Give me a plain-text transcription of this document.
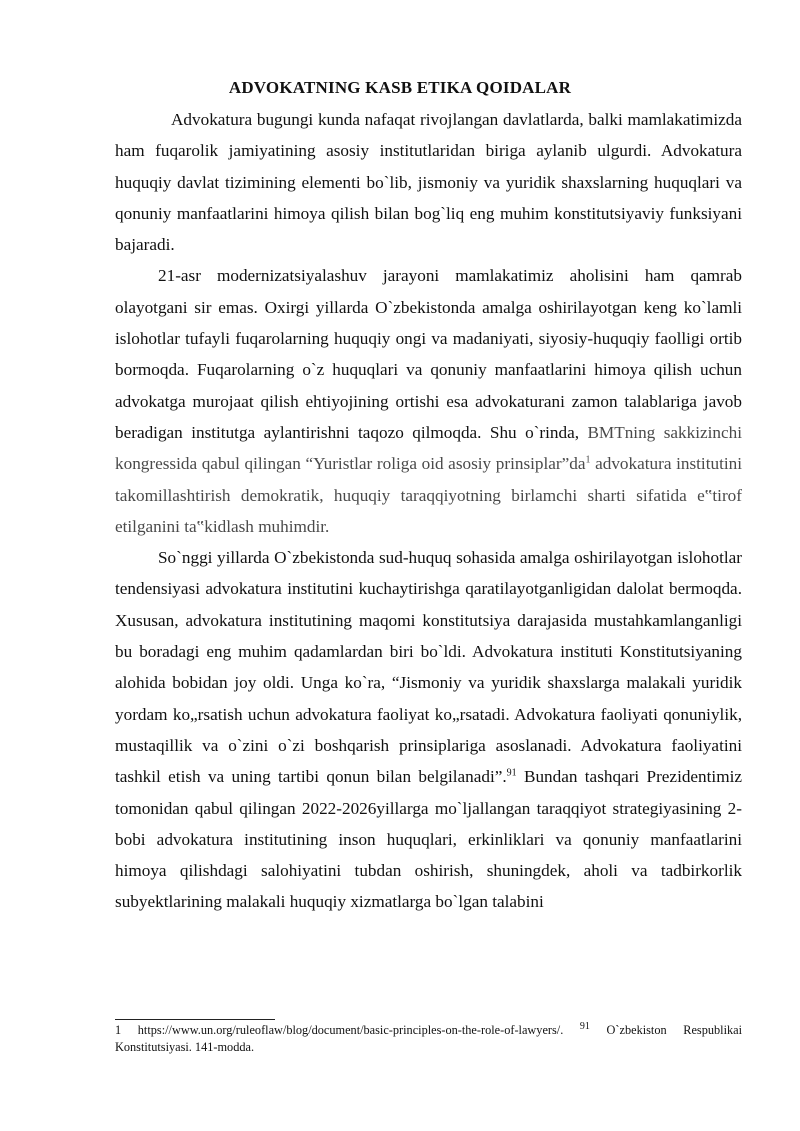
ADVOKATNING KASB ETIKA QOIDALAR

Advokatura bugungi kunda nafaqat rivojlangan davlatlarda, balki mamlakatimizda ham fuqarolik jamiyatining asosiy institutlaridan biriga aylanib ulgurdi. Advokatura huquqiy davlat tizimining elementi bo`lib, jismoniy va yuridik shaxslarning huquqlari va qonuniy manfaatlarini himoya qilish bilan bog`liq eng muhim konstitutsiyaviy funksiyani bajaradi.

21-asr modernizatsiyalashuv jarayoni mamlakatimiz aholisini ham qamrab olayotgani sir emas. Oxirgi yillarda O`zbekistonda amalga oshirilayotgan keng ko`lamli islohotlar tufayli fuqarolarning huquqiy ongi va madaniyati, siyosiy-huquqiy faolligi ortib bormoqda. Fuqarolarning o`z huquqlari va qonuniy manfaatlarini himoya qilish uchun advokatga murojaat qilish ehtiyojining ortishi esa advokaturani zamon talablariga javob beradigan institutga aylantirishni taqozo qilmoqda. Shu o`rinda, BMTning sakkizinchi kongressida qabul qilingan “Yuristlar roliga oid asosiy $prinsiplar”da^1$ advokatura institutini takomillashtirish demokratik, huquqiy taraqqiyotning birlamchi sharti sifatida e‟tirof etilganini ta‟kidlash muhimdir.

So`nggi yillarda O`zbekistonda sud-huquq sohasida amalga oshirilayotgan islohotlar tendensiyasi advokatura institutini kuchaytirishga qaratilayotganligidan dalolat bermoqda. Xususan, advokatura institutining maqomi konstitutsiya darajasida mustahkamlanganligi bu boradagi eng muhim qadamlardan biri bo`ldi. Advokatura instituti Konstitutsiyaning alohida bobidan joy oldi. Unga ko`ra, “Jismoniy va yuridik shaxslarga malakali yuridik yordam ko„rsatish uchun advokatura faoliyat ko„rsatadi. Advokatura faoliyati qonuniylik, mustaqillik va o`zini o`zi boshqarish prinsiplariga asoslanadi. Advokatura faoliyatini tashkil etish va uning tartibi qonun bilan belgilanadi”.$^{91}$ Bundan tashqari Prezidentimiz tomonidan qabul qilingan 2022-2026yillarga mo`ljallangan taraqqiyot strategiyasining 2-bobi advokatura institutining inson huquqlari, erkinliklari va qonuniy manfaatlarini himoya qilishdagi salohiyatini tubdan oshirish, shuningdek, aholi va tadbirkorlik subyektlarining malakali huquqiy xizmatlarga bo`lgan talabini

1 https://www.un.org/ruleoflaw/blog/document/basic-principles-on-the-role-of-lawyers/. $^{91}$ O`zbekiston Respublikai Konstitutsiyasi. 141-modda.
